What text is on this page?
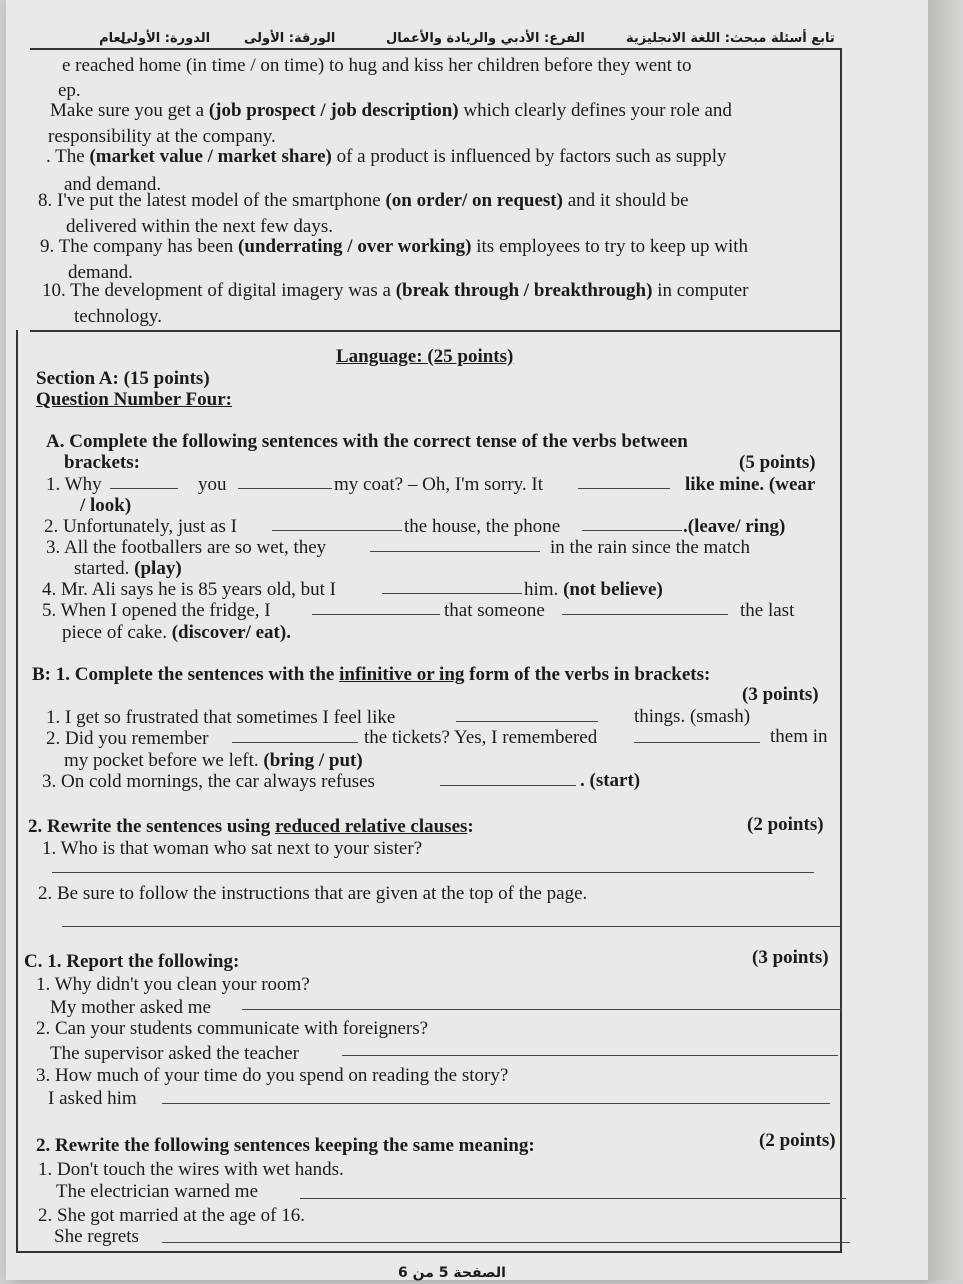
لعام
الدورة: الأولى	الورقة: الأولى	الفرع: الأدبي والريادة والأعمال	تابع أسئلة مبحث: اللغة الانجليزية
e reached home (in time / on time) to hug and kiss her children before they went to
ep.
Make sure you get a (job prospect / job description) which clearly defines your role and
responsibility at the company.
. The (market value / market share) of a product is influenced by factors such as supply
and demand.
8. I've put the latest model of the smartphone (on order/ on request) and it should be
delivered within the next few days.
9. The company has been (underrating / over working) its employees to try to keep up with
demand.
10. The development of digital imagery was a (break through / breakthrough) in computer
technology.
Language: (25 points)
Section A: (15 points)
Question Number Four:
A. Complete the following sentences with the correct tense of the verbs between
brackets:	(5 points)
1. Why	you	my coat? – Oh, I'm sorry. It	like mine. (wear
/ look)
2. Unfortunately, just as I	the house, the phone	.(leave/ ring)
3. All the footballers are so wet, they	in the rain since the match
started. (play)
4. Mr. Ali says he is 85 years old, but I	him. (not believe)
5. When I opened the fridge, I	that someone	the last
piece of cake. (discover/ eat).
B: 1. Complete the sentences with the infinitive or ing form of the verbs in brackets:
(3 points)
1. I get so frustrated that sometimes I feel like	things. (smash)
2. Did you remember	the tickets? Yes, I remembered	them in
my pocket before we left. (bring / put)
3. On cold mornings, the car always refuses	. (start)
2. Rewrite the sentences using reduced relative clauses:	(2 points)
1. Who is that woman who sat next to your sister?
2. Be sure to follow the instructions that are given at the top of the page.
C. 1. Report the following:	(3 points)
1. Why didn't you clean your room?
My mother asked me
2. Can your students communicate with foreigners?
The supervisor asked the teacher
3. How much of your time do you spend on reading the story?
I asked him
2. Rewrite the following sentences keeping the same meaning:	(2 points)
1. Don't touch the wires with wet hands.
The electrician warned me
2. She got married at the age of 16.
She regrets
الصفحة 5 من 6
